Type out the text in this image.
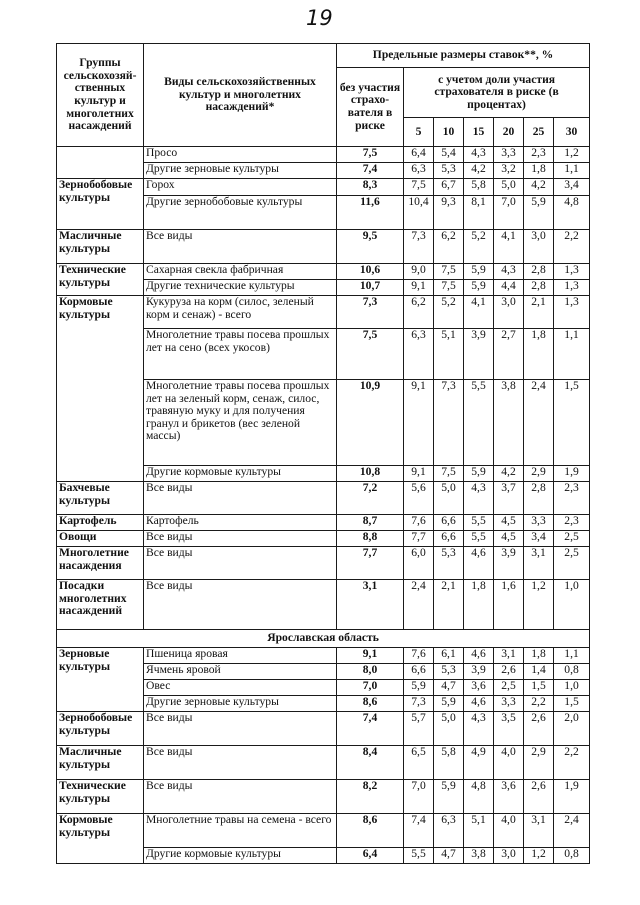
19
Группы сельскохозяй- ственных культур и многолетних насаждений	Виды сельскохозяйственных культур и многолетних насаждений*	Предельные размеры ставок**, %						
		без участия страхо- вателя в риске	с учетом доли участия страхователя в риске (в процентах)					
			5	10	15	20	25	30
	Просо	7,5	6,4	5,4	4,3	3,3	2,3	1,2
	Другие зерновые культуры	7,4	6,3	5,3	4,2	3,2	1,8	1,1
Зернобобовые культуры	Горох	8,3	7,5	6,7	5,8	5,0	4,2	3,4
	Другие зернобобовые культуры	11,6	10,4	9,3	8,1	7,0	5,9	4,8
Масличные культуры	Все виды	9,5	7,3	6,2	5,2	4,1	3,0	2,2
Технические культуры	Сахарная свекла фабричная	10,6	9,0	7,5	5,9	4,3	2,8	1,3
	Другие технические культуры	10,7	9,1	7,5	5,9	4,4	2,8	1,3
Кормовые культуры	Кукуруза на корм (силос, зеленый корм и сенаж) - всего	7,3	6,2	5,2	4,1	3,0	2,1	1,3
	Многолетние травы посева прошлых лет на сено (всех укосов)	7,5	6,3	5,1	3,9	2,7	1,8	1,1
	Многолетние травы посева прошлых лет на зеленый корм, сенаж, силос, травяную муку и для получения гранул и брикетов (вес зеленой массы)	10,9	9,1	7,3	5,5	3,8	2,4	1,5
	Другие кормовые культуры	10,8	9,1	7,5	5,9	4,2	2,9	1,9
Бахчевые культуры	Все виды	7,2	5,6	5,0	4,3	3,7	2,8	2,3
Картофель	Картофель	8,7	7,6	6,6	5,5	4,5	3,3	2,3
Овощи	Все виды	8,8	7,7	6,6	5,5	4,5	3,4	2,5
Многолетние насаждения	Все виды	7,7	6,0	5,3	4,6	3,9	3,1	2,5
Посадки многолетних насаждений	Все виды	3,1	2,4	2,1	1,8	1,6	1,2	1,0
Ярославская область								
Зерновые культуры	Пшеница яровая	9,1	7,6	6,1	4,6	3,1	1,8	1,1
	Ячмень яровой	8,0	6,6	5,3	3,9	2,6	1,4	0,8
	Овес	7,0	5,9	4,7	3,6	2,5	1,5	1,0
	Другие зерновые культуры	8,6	7,3	5,9	4,6	3,3	2,2	1,5
Зернобобовые культуры	Все виды	7,4	5,7	5,0	4,3	3,5	2,6	2,0
Масличные культуры	Все виды	8,4	6,5	5,8	4,9	4,0	2,9	2,2
Технические культуры	Все виды	8,2	7,0	5,9	4,8	3,6	2,6	1,9
Кормовые культуры	Многолетние травы на семена - всего	8,6	7,4	6,3	5,1	4,0	3,1	2,4
	Другие кормовые культуры	6,4	5,5	4,7	3,8	3,0	1,2	0,8
